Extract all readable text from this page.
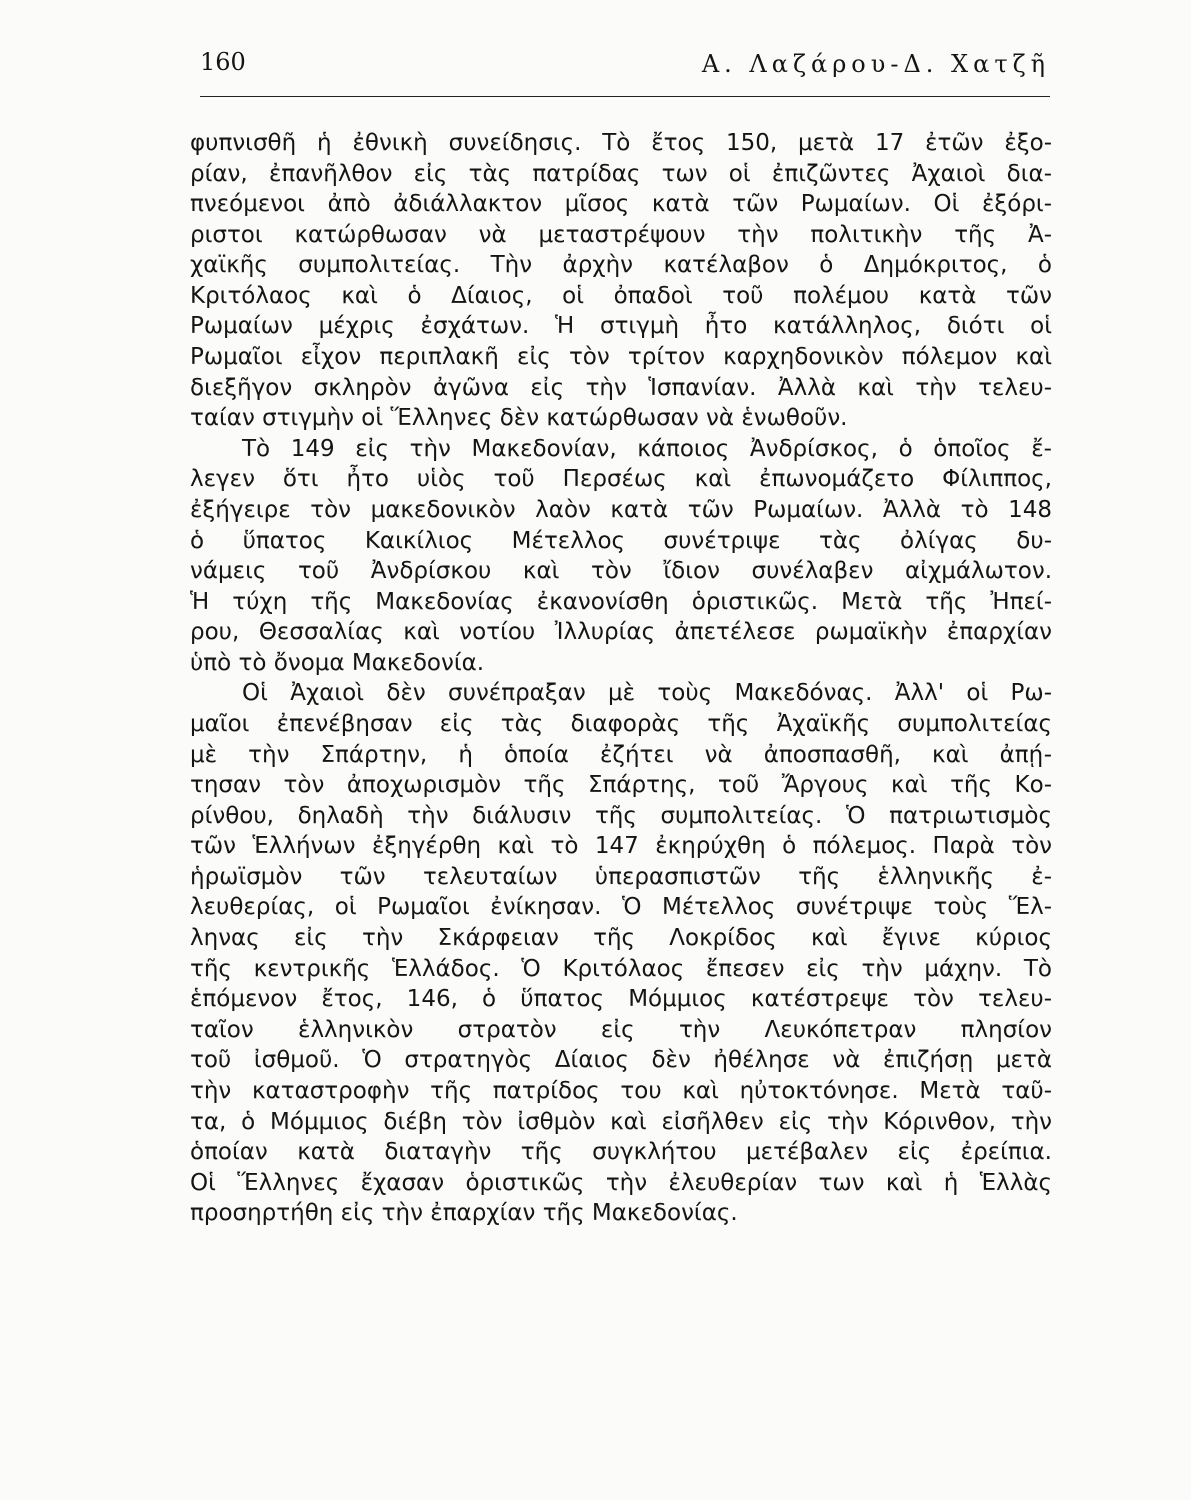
160	Α. Λαζάρου-Δ. Χατζῆ
φυπνισθῆ ἡ ἐθνικὴ συνείδησις. Τὸ ἔτος 150, μετὰ 17 ἐτῶν ἐξο-
ρίαν, ἐπανῆλθον εἰς τὰς πατρίδας των οἱ ἐπιζῶντες Ἀχαιοὶ δια-
πνεόμενοι ἀπὸ ἀδιάλλακτον μῖσος κατὰ τῶν Ρωμαίων. Οἱ ἐξόρι-
ριστοι κατώρθωσαν νὰ μεταστρέψουν τὴν πολιτικὴν τῆς Ἀ-
χαϊκῆς συμπολιτείας. Τὴν ἀρχὴν κατέλαβον ὁ Δημόκριτος, ὁ
Κριτόλαος καὶ ὁ Δίαιος, οἱ ὀπαδοὶ τοῦ πολέμου κατὰ τῶν
Ρωμαίων μέχρις ἐσχάτων. Ἡ στιγμὴ ἦτο κατάλληλος, διότι οἱ
Ρωμαῖοι εἶχον περιπλακῆ εἰς τὸν τρίτον καρχηδονικὸν πόλεμον καὶ
διεξῆγον σκληρὸν ἀγῶνα εἰς τὴν Ἱσπανίαν. Ἀλλὰ καὶ τὴν τελευ-
ταίαν στιγμὴν οἱ Ἕλληνες δὲν κατώρθωσαν νὰ ἑνωθοῦν.
Τὸ 149 εἰς τὴν Μακεδονίαν, κάποιος Ἀνδρίσκος, ὁ ὁποῖος ἔ-
λεγεν ὅτι ἦτο υἱὸς τοῦ Περσέως καὶ ἐπωνομάζετο Φίλιππος,
ἐξήγειρε τὸν μακεδονικὸν λαὸν κατὰ τῶν Ρωμαίων. Ἀλλὰ τὸ 148
ὁ ὕπατος Καικίλιος Μέτελλος συνέτριψε τὰς ὀλίγας δυ-
νάμεις τοῦ Ἀνδρίσκου καὶ τὸν ἴδιον συνέλαβεν αἰχμάλωτον.
Ἡ τύχη τῆς Μακεδονίας ἐκανονίσθη ὁριστικῶς. Μετὰ τῆς Ἠπεί-
ρου, Θεσσαλίας καὶ νοτίου Ἰλλυρίας ἀπετέλεσε ρωμαϊκὴν ἐπαρχίαν
ὑπὸ τὸ ὄνομα Μακεδονία.
Οἱ Ἀχαιοὶ δὲν συνέπραξαν μὲ τοὺς Μακεδόνας. Ἀλλ' οἱ Ρω-
μαῖοι ἐπενέβησαν εἰς τὰς διαφορὰς τῆς Ἀχαϊκῆς συμπολιτείας
μὲ τὴν Σπάρτην, ἡ ὁποία ἐζήτει νὰ ἀποσπασθῆ, καὶ ἀπῄ-
τησαν τὸν ἀποχωρισμὸν τῆς Σπάρτης, τοῦ Ἄργους καὶ τῆς Κο-
ρίνθου, δηλαδὴ τὴν διάλυσιν τῆς συμπολιτείας. Ὁ πατριωτισμὸς
τῶν Ἑλλήνων ἐξηγέρθη καὶ τὸ 147 ἐκηρύχθη ὁ πόλεμος. Παρὰ τὸν
ἡρωϊσμὸν τῶν τελευταίων ὑπερασπιστῶν τῆς ἑλληνικῆς ἐ-
λευθερίας, οἱ Ρωμαῖοι ἐνίκησαν. Ὁ Μέτελλος συνέτριψε τοὺς Ἕλ-
ληνας εἰς τὴν Σκάρφειαν τῆς Λοκρίδος καὶ ἔγινε κύριος
τῆς κεντρικῆς Ἑλλάδος. Ὁ Κριτόλαος ἔπεσεν εἰς τὴν μάχην. Τὸ
ἑπόμενον ἔτος, 146, ὁ ὕπατος Μόμμιος κατέστρεψε τὸν τελευ-
ταῖον ἑλληνικὸν στρατὸν εἰς τὴν Λευκόπετραν πλησίον
τοῦ ἰσθμοῦ. Ὁ στρατηγὸς Δίαιος δὲν ἠθέλησε νὰ ἐπιζήσῃ μετὰ
τὴν καταστροφὴν τῆς πατρίδος του καὶ ηὐτοκτόνησε. Μετὰ ταῦ-
τα, ὁ Μόμμιος διέβη τὸν ἰσθμὸν καὶ εἰσῆλθεν εἰς τὴν Κόρινθον, τὴν
ὁποίαν κατὰ διαταγὴν τῆς συγκλήτου μετέβαλεν εἰς ἐρείπια.
Οἱ Ἕλληνες ἔχασαν ὁριστικῶς τὴν ἐλευθερίαν των καὶ ἡ Ἑλλὰς
προσηρτήθη εἰς τὴν ἐπαρχίαν τῆς Μακεδονίας.
